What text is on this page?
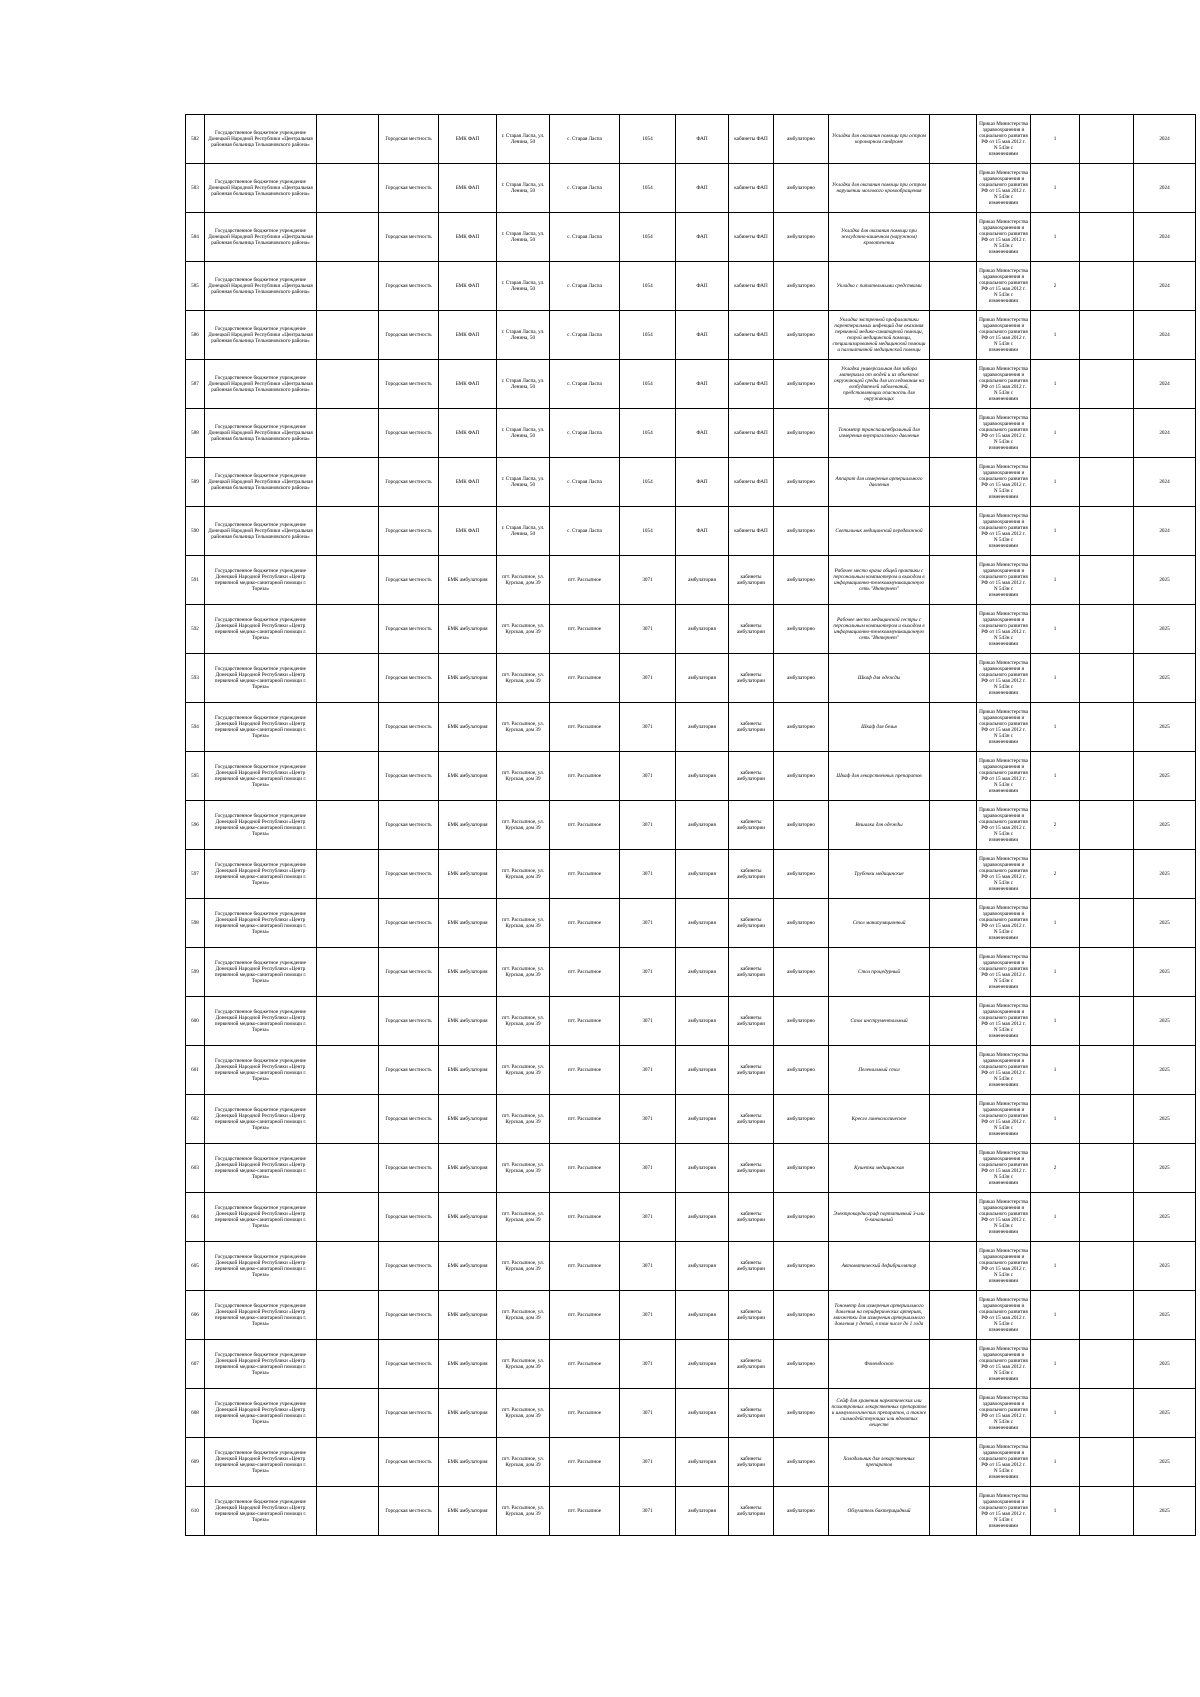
582	Государственное бюджетное учреждение Донецкой Народной Республики «Центральная районная больница Тельмановского района»		Городская местность	БМК ФАП	г. Старая Ласпа, ул. Ленина, 50	с. Старая Ласпа	1054	ФАП	кабинеты ФАП	амбулаторно	Укладка для оказания помощи при остром коронарном синдроме		Приказ Министерства здравоохранения и социального развития РФ от 15 мая 2012 г. N 543н с изменениями	1		2024
583	Государственное бюджетное учреждение Донецкой Народной Республики «Центральная районная больница Тельмановского района»		Городская местность	БМК ФАП	г. Старая Ласпа, ул. Ленина, 50	с. Старая Ласпа	1054	ФАП	кабинеты ФАП	амбулаторно	Укладка для оказания помощи при остром нарушении мозгового кровообращения		Приказ Министерства здравоохранения и социального развития РФ от 15 мая 2012 г. N 543н с изменениями	1		2024
584	Государственное бюджетное учреждение Донецкой Народной Республики «Центральная районная больница Тельмановского района»		Городская местность	БМК ФАП	г. Старая Ласпа, ул. Ленина, 50	с. Старая Ласпа	1054	ФАП	кабинеты ФАП	амбулаторно	Укладка для оказания помощи при желудочно-кишечном (наружном) кровотечении		Приказ Министерства здравоохранения и социального развития РФ от 15 мая 2012 г. N 543н с изменениями	1		2024
585	Государственное бюджетное учреждение Донецкой Народной Республики «Центральная районная больница Тельмановского района»		Городская местность	БМК ФАП	г. Старая Ласпа, ул. Ленина, 50	с. Старая Ласпа	1054	ФАП	кабинеты ФАП	амбулаторно	Укладка с питательными средствами		Приказ Министерства здравоохранения и социального развития РФ от 15 мая 2012 г. N 543н с изменениями	2		2024
586	Государственное бюджетное учреждение Донецкой Народной Республики «Центральная районная больница Тельмановского района»		Городская местность	БМК ФАП	г. Старая Ласпа, ул. Ленина, 50	с. Старая Ласпа	1054	ФАП	кабинеты ФАП	амбулаторно	Укладка экстренной профилактики парентеральных инфекций для оказания первичной медико-санитарной помощи, скорой медицинской помощи, специализированной медицинской помощи и паллиативной медицинской помощи		Приказ Министерства здравоохранения и социального развития РФ от 15 мая 2012 г. N 543н с изменениями	1		2024
587	Государственное бюджетное учреждение Донецкой Народной Республики «Центральная районная больница Тельмановского района»		Городская местность	БМК ФАП	г. Старая Ласпа, ул. Ленина, 50	с. Старая Ласпа	1054	ФАП	кабинеты ФАП	амбулаторно	Укладка универсальная для забора материала от людей и из объектов окружающей среды для исследования на возбудителей заболеваний, представляющих опасность для окружающих		Приказ Министерства здравоохранения и социального развития РФ от 15 мая 2012 г. N 543н с изменениями	1		2024
588	Государственное бюджетное учреждение Донецкой Народной Республики «Центральная районная больница Тельмановского района»		Городская местность	БМК ФАП	г. Старая Ласпа, ул. Ленина, 50	с. Старая Ласпа	1054	ФАП	кабинеты ФАП	амбулаторно	Тонометр транспальпебральный для измерения внутриглазного давления		Приказ Министерства здравоохранения и социального развития РФ от 15 мая 2012 г. N 543н с изменениями	1		2024
589	Государственное бюджетное учреждение Донецкой Народной Республики «Центральная районная больница Тельмановского района»		Городская местность	БМК ФАП	г. Старая Ласпа, ул. Ленина, 50	с. Старая Ласпа	1054	ФАП	кабинеты ФАП	амбулаторно	Аппарат для измерения артериального давления		Приказ Министерства здравоохранения и социального развития РФ от 15 мая 2012 г. N 543н с изменениями	1		2024
590	Государственное бюджетное учреждение Донецкой Народной Республики «Центральная районная больница Тельмановского района»		Городская местность	БМК ФАП	г. Старая Ласпа, ул. Ленина, 50	с. Старая Ласпа	1054	ФАП	кабинеты ФАП	амбулаторно	Светильник медицинский передвижной		Приказ Министерства здравоохранения и социального развития РФ от 15 мая 2012 г. N 543н с изменениями	1		2024
591	Государственное бюджетное учреждение Донецкой Народной Республики «Центр первичной медико-санитарной помощи г. Тореза»		Городская местность	БМК амбулатория	пгт. Рассыпное, ул. Курская, дом 39	пгт. Рассыпное	3071	амбулатория	кабинеты амбулатории	амбулаторно	Рабочее место врача общей практики с персональным компьютером и выходом в информационно-телекоммуникационную сеть "Интернет"		Приказ Министерства здравоохранения и социального развития РФ от 15 мая 2012 г. N 543н с изменениями	1		2025
592	Государственное бюджетное учреждение Донецкой Народной Республики «Центр первичной медико-санитарной помощи г. Тореза»		Городская местность	БМК амбулатория	пгт. Рассыпное, ул. Курская, дом 39	пгт. Рассыпное	3071	амбулатория	кабинеты амбулатории	амбулаторно	Рабочее место медицинской сестры с персональным компьютером и выходом в информационно-телекоммуникационную сеть "Интернет"		Приказ Министерства здравоохранения и социального развития РФ от 15 мая 2012 г. N 543н с изменениями	1		2025
593	Государственное бюджетное учреждение Донецкой Народной Республики «Центр первичной медико-санитарной помощи г. Тореза»		Городская местность	БМК амбулатория	пгт. Рассыпное, ул. Курская, дом 39	пгт. Рассыпное	3071	амбулатория	кабинеты амбулатории	амбулаторно	Шкаф для одежды		Приказ Министерства здравоохранения и социального развития РФ от 15 мая 2012 г. N 543н с изменениями	1		2025
594	Государственное бюджетное учреждение Донецкой Народной Республики «Центр первичной медико-санитарной помощи г. Тореза»		Городская местность	БМК амбулатория	пгт. Рассыпное, ул. Курская, дом 39	пгт. Рассыпное	3071	амбулатория	кабинеты амбулатории	амбулаторно	Шкаф для белья		Приказ Министерства здравоохранения и социального развития РФ от 15 мая 2012 г. N 543н с изменениями	1		2025
595	Государственное бюджетное учреждение Донецкой Народной Республики «Центр первичной медико-санитарной помощи г. Тореза»		Городская местность	БМК амбулатория	пгт. Рассыпное, ул. Курская, дом 39	пгт. Рассыпное	3071	амбулатория	кабинеты амбулатории	амбулаторно	Шкаф для лекарственных препаратов		Приказ Министерства здравоохранения и социального развития РФ от 15 мая 2012 г. N 543н с изменениями	1		2025
596	Государственное бюджетное учреждение Донецкой Народной Республики «Центр первичной медико-санитарной помощи г. Тореза»		Городская местность	БМК амбулатория	пгт. Рассыпное, ул. Курская, дом 39	пгт. Рассыпное	3071	амбулатория	кабинеты амбулатории	амбулаторно	Вешалка для одежды		Приказ Министерства здравоохранения и социального развития РФ от 15 мая 2012 г. N 543н с изменениями	2		2025
597	Государственное бюджетное учреждение Донецкой Народной Республики «Центр первичной медико-санитарной помощи г. Тореза»		Городская местность	БМК амбулатория	пгт. Рассыпное, ул. Курская, дом 39	пгт. Рассыпное	3071	амбулатория	кабинеты амбулатории	амбулаторно	Трубочки медицинские		Приказ Министерства здравоохранения и социального развития РФ от 15 мая 2012 г. N 543н с изменениями	2		2025
598	Государственное бюджетное учреждение Донецкой Народной Республики «Центр первичной медико-санитарной помощи г. Тореза»		Городская местность	БМК амбулатория	пгт. Рассыпное, ул. Курская, дом 39	пгт. Рассыпное	3071	амбулатория	кабинеты амбулатории	амбулаторно	Стол манипуляционный		Приказ Министерства здравоохранения и социального развития РФ от 15 мая 2012 г. N 543н с изменениями	1		2025
599	Государственное бюджетное учреждение Донецкой Народной Республики «Центр первичной медико-санитарной помощи г. Тореза»		Городская местность	БМК амбулатория	пгт. Рассыпное, ул. Курская, дом 39	пгт. Рассыпное	3071	амбулатория	кабинеты амбулатории	амбулаторно	Стол процедурный		Приказ Министерства здравоохранения и социального развития РФ от 15 мая 2012 г. N 543н с изменениями	1		2025
600	Государственное бюджетное учреждение Донецкой Народной Республики «Центр первичной медико-санитарной помощи г. Тореза»		Городская местность	БМК амбулатория	пгт. Рассыпное, ул. Курская, дом 39	пгт. Рассыпное	3071	амбулатория	кабинеты амбулатории	амбулаторно	Стол инструментальный		Приказ Министерства здравоохранения и социального развития РФ от 15 мая 2012 г. N 543н с изменениями	1		2025
601	Государственное бюджетное учреждение Донецкой Народной Республики «Центр первичной медико-санитарной помощи г. Тореза»		Городская местность	БМК амбулатория	пгт. Рассыпное, ул. Курская, дом 39	пгт. Рассыпное	3071	амбулатория	кабинеты амбулатории	амбулаторно	Пеленальный стол		Приказ Министерства здравоохранения и социального развития РФ от 15 мая 2012 г. N 543н с изменениями	1		2025
602	Государственное бюджетное учреждение Донецкой Народной Республики «Центр первичной медико-санитарной помощи г. Тореза»		Городская местность	БМК амбулатория	пгт. Рассыпное, ул. Курская, дом 39	пгт. Рассыпное	3071	амбулатория	кабинеты амбулатории	амбулаторно	Кресло гинекологическое		Приказ Министерства здравоохранения и социального развития РФ от 15 мая 2012 г. N 543н с изменениями	1		2025
603	Государственное бюджетное учреждение Донецкой Народной Республики «Центр первичной медико-санитарной помощи г. Тореза»		Городская местность	БМК амбулатория	пгт. Рассыпное, ул. Курская, дом 39	пгт. Рассыпное	3071	амбулатория	кабинеты амбулатории	амбулаторно	Кушетка медицинская		Приказ Министерства здравоохранения и социального развития РФ от 15 мая 2012 г. N 543н с изменениями	2		2025
604	Государственное бюджетное учреждение Донецкой Народной Республики «Центр первичной медико-санитарной помощи г. Тореза»		Городская местность	БМК амбулатория	пгт. Рассыпное, ул. Курская, дом 39	пгт. Рассыпное	3071	амбулатория	кабинеты амбулатории	амбулаторно	Электрокардиограф портативный 3-или 6-канальный		Приказ Министерства здравоохранения и социального развития РФ от 15 мая 2012 г. N 543н с изменениями	1		2025
605	Государственное бюджетное учреждение Донецкой Народной Республики «Центр первичной медико-санитарной помощи г. Тореза»		Городская местность	БМК амбулатория	пгт. Рассыпное, ул. Курская, дом 39	пгт. Рассыпное	3071	амбулатория	кабинеты амбулатории	амбулаторно	Автоматический дефибриллятор		Приказ Министерства здравоохранения и социального развития РФ от 15 мая 2012 г. N 543н с изменениями	1		2025
606	Государственное бюджетное учреждение Донецкой Народной Республики «Центр первичной медико-санитарной помощи г. Тореза»		Городская местность	БМК амбулатория	пгт. Рассыпное, ул. Курская, дом 39	пгт. Рассыпное	3071	амбулатория	кабинеты амбулатории	амбулаторно	Тонометр для измерения артериального давления на периферических артериях, манжетки для измерения артериального давления у детей, в том числе до 1 года		Приказ Министерства здравоохранения и социального развития РФ от 15 мая 2012 г. N 543н с изменениями	1		2025
607	Государственное бюджетное учреждение Донецкой Народной Республики «Центр первичной медико-санитарной помощи г. Тореза»		Городская местность	БМК амбулатория	пгт. Рассыпное, ул. Курская, дом 39	пгт. Рассыпное	3071	амбулатория	кабинеты амбулатории	амбулаторно	Фонендоскоп		Приказ Министерства здравоохранения и социального развития РФ от 15 мая 2012 г. N 543н с изменениями	1		2025
608	Государственное бюджетное учреждение Донецкой Народной Республики «Центр первичной медико-санитарной помощи г. Тореза»		Городская местность	БМК амбулатория	пгт. Рассыпное, ул. Курская, дом 39	пгт. Рассыпное	3071	амбулатория	кабинеты амбулатории	амбулаторно	Сейф для хранения наркотических или психотропных лекарственных препаратов и иммунологических препаратов, а также сильнодействующих или ядовитых веществ		Приказ Министерства здравоохранения и социального развития РФ от 15 мая 2012 г. N 543н с изменениями	1		2025
609	Государственное бюджетное учреждение Донецкой Народной Республики «Центр первичной медико-санитарной помощи г. Тореза»		Городская местность	БМК амбулатория	пгт. Рассыпное, ул. Курская, дом 39	пгт. Рассыпное	3071	амбулатория	кабинеты амбулатории	амбулаторно	Холодильник для лекарственных препаратов		Приказ Министерства здравоохранения и социального развития РФ от 15 мая 2012 г. N 543н с изменениями	1		2025
610	Государственное бюджетное учреждение Донецкой Народной Республики «Центр первичной медико-санитарной помощи г. Тореза»		Городская местность	БМК амбулатория	пгт. Рассыпное, ул. Курская, дом 39	пгт. Рассыпное	3071	амбулатория	кабинеты амбулатории	амбулаторно	Облучатель бактерицидный		Приказ Министерства здравоохранения и социального развития РФ от 15 мая 2012 г. N 543н с изменениями	1		2025
